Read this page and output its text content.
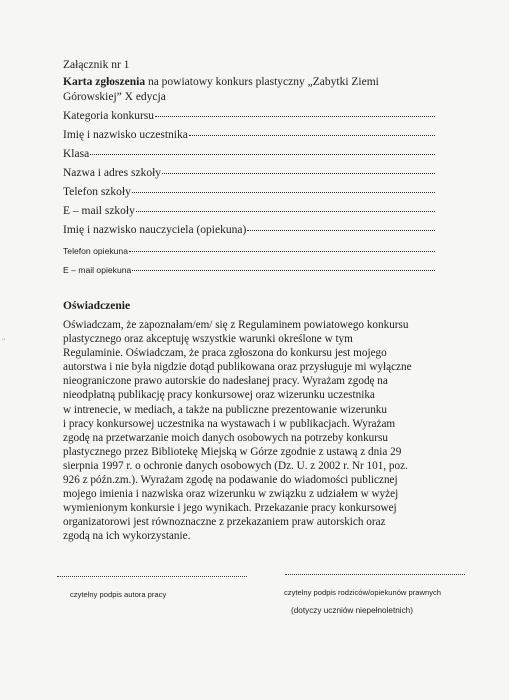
Załącznik nr 1
Karta zgłoszenia na powiatowy konkurs plastyczny „Zabytki Ziemi
Górowskiej” X edycja
Kategoria konkursu
Imię i nazwisko uczestnika
Klasa
Nazwa i adres szkoły
Telefon szkoły
E – mail szkoły
Imię i nazwisko nauczyciela (opiekuna)
Telefon opiekuna
E – mail opiekuna
Oświadczenie
Oświadczam, że zapoznałam/em/ się z Regulaminem powiatowego konkursu
plastycznego oraz akceptuję wszystkie warunki określone w tym
Regulaminie. Oświadczam, że praca zgłoszona do konkursu jest mojego
autorstwa i nie była nigdzie dotąd publikowana oraz przysługuje mi wyłączne
nieograniczone prawo autorskie do nadesłanej pracy. Wyrażam zgodę na
nieodpłatną publikację pracy konkursowej oraz wizerunku uczestnika
w intrenecie, w mediach, a także na publiczne prezentowanie wizerunku
i pracy konkursowej uczestnika na wystawach i w publikacjach. Wyrażam
zgodę na przetwarzanie moich danych osobowych na potrzeby konkursu
plastycznego przez Bibliotekę Miejską w Górze zgodnie z ustawą z dnia 29
sierpnia 1997 r. o ochronie danych osobowych (Dz. U. z 2002 r. Nr 101, poz.
926 z późn.zm.). Wyrażam zgodę na podawanie do wiadomości publicznej
mojego imienia i nazwiska oraz wizerunku w związku z udziałem w wyżej
wymienionym konkursie i jego wynikach. Przekazanie pracy konkursowej
organizatorowi jest równoznaczne z przekazaniem praw autorskich oraz
zgodą na ich wykorzystanie.
czytelny podpis autora pracy	czytelny podpis rodziców/opiekunów prawnych
(dotyczy uczniów niepełnoletnich)
"
